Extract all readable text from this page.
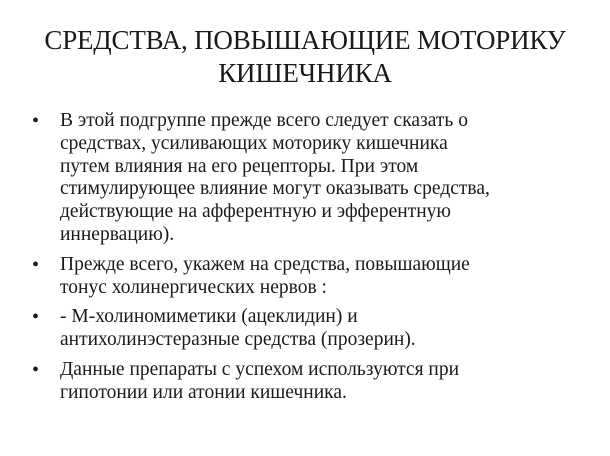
СРЕДСТВА, ПОВЫШАЮЩИЕ МОТОРИКУ
КИШЕЧНИКА
• В этой подгруппе прежде всего следует сказать о
средствах, усиливающих моторику кишечника
путем влияния на его рецепторы. При этом
стимулирующее влияние могут оказывать средства,
действующие на афферентную и эфферентную
иннервацию).
• Прежде всего, укажем на средства, повышающие
тонус холинергических нервов :
• - М-холиномиметики (ацеклидин) и
антихолинэстеразные средства (прозерин).
• Данные препараты с успехом используются при
гипотонии или атонии кишечника.
